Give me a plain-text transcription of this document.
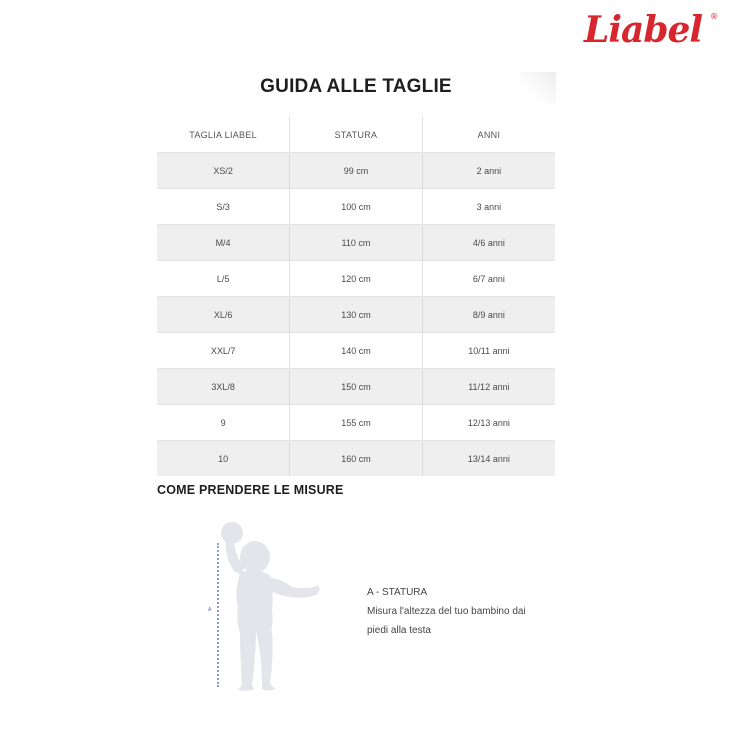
Liabel ®
GUIDA ALLE TAGLIE
TAGLIA LIABEL	STATURA	ANNI
XS/2	99 cm	2 anni
S/3	100 cm	3 anni
M/4	110 cm	4/6 anni
L/5	120 cm	6/7 anni
XL/6	130 cm	8/9 anni
XXL/7	140 cm	10/11 anni
3XL/8	150 cm	11/12 anni
9	155 cm	12/13 anni
10	160 cm	13/14 anni
COME PRENDERE LE MISURE
A
A - STATURA
Misura l'altezza del tuo bambino dai
piedi alla testa
